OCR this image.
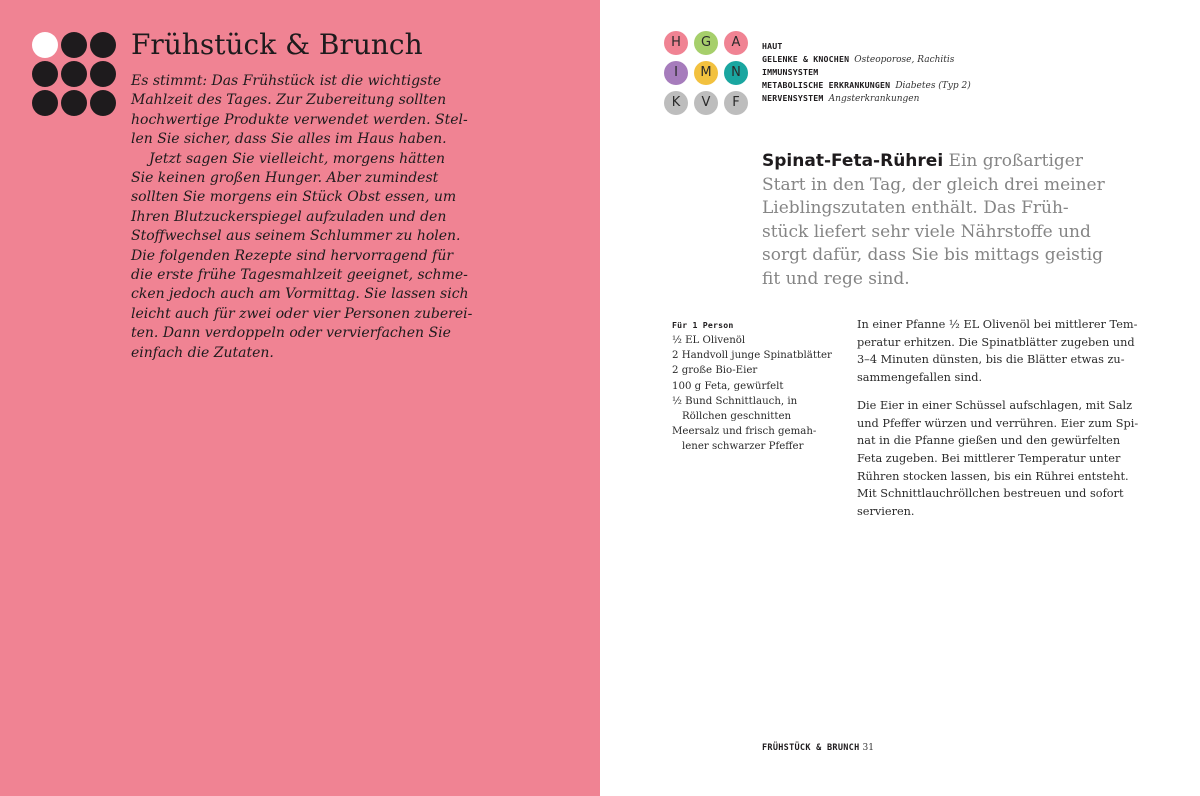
Frühstück & Brunch
Es stimmt: Das Frühstück ist die wichtigste
Mahlzeit des Tages. Zur Zubereitung sollten
hochwertige Produkte verwendet werden. Stel-
len Sie sicher, dass Sie alles im Haus haben.
Jetzt sagen Sie vielleicht, morgens hätten
Sie keinen großen Hunger. Aber zumindest
sollten Sie morgens ein Stück Obst essen, um
Ihren Blutzuckerspiegel aufzuladen und den
Stoffwechsel aus seinem Schlummer zu holen.
Die folgenden Rezepte sind hervorragend für
die erste frühe Tagesmahlzeit geeignet, schme-
cken jedoch auch am Vormittag. Sie lassen sich
leicht auch für zwei oder vier Personen zuberei-
ten. Dann verdoppeln oder vervierfachen Sie
einfach die Zutaten.
H	G	A
I	M	N
K	V	F
HAUT
GELENKE & KNOCHEN Osteoporose, Rachitis
IMMUNSYSTEM
METABOLISCHE ERKRANKUNGEN Diabetes (Typ 2)
NERVENSYSTEM Angsterkrankungen
Spinat-Feta-Rührei Ein großartiger
Start in den Tag, der gleich drei meiner
Lieblingszutaten enthält. Das Früh-
stück liefert sehr viele Nährstoffe und
sorgt dafür, dass Sie bis mittags geistig
fit und rege sind.
Für 1 Person
½ EL Olivenöl
2 Handvoll junge Spinatblätter
2 große Bio-Eier
100 g Feta, gewürfelt
½ Bund Schnittlauch, in
Röllchen geschnitten
Meersalz und frisch gemah-
lener schwarzer Pfeffer
In einer Pfanne ½ EL Olivenöl bei mittlerer Tem-
peratur erhitzen. Die Spinatblätter zugeben und
3–4 Minuten dünsten, bis die Blätter etwas zu-
sammengefallen sind.
Die Eier in einer Schüssel aufschlagen, mit Salz
und Pfeffer würzen und verrühren. Eier zum Spi-
nat in die Pfanne gießen und den gewürfelten
Feta zugeben. Bei mittlerer Temperatur unter
Rühren stocken lassen, bis ein Rührei entsteht.
Mit Schnittlauchröllchen bestreuen und sofort
servieren.
FRÜHSTÜCK & BRUNCH 31
